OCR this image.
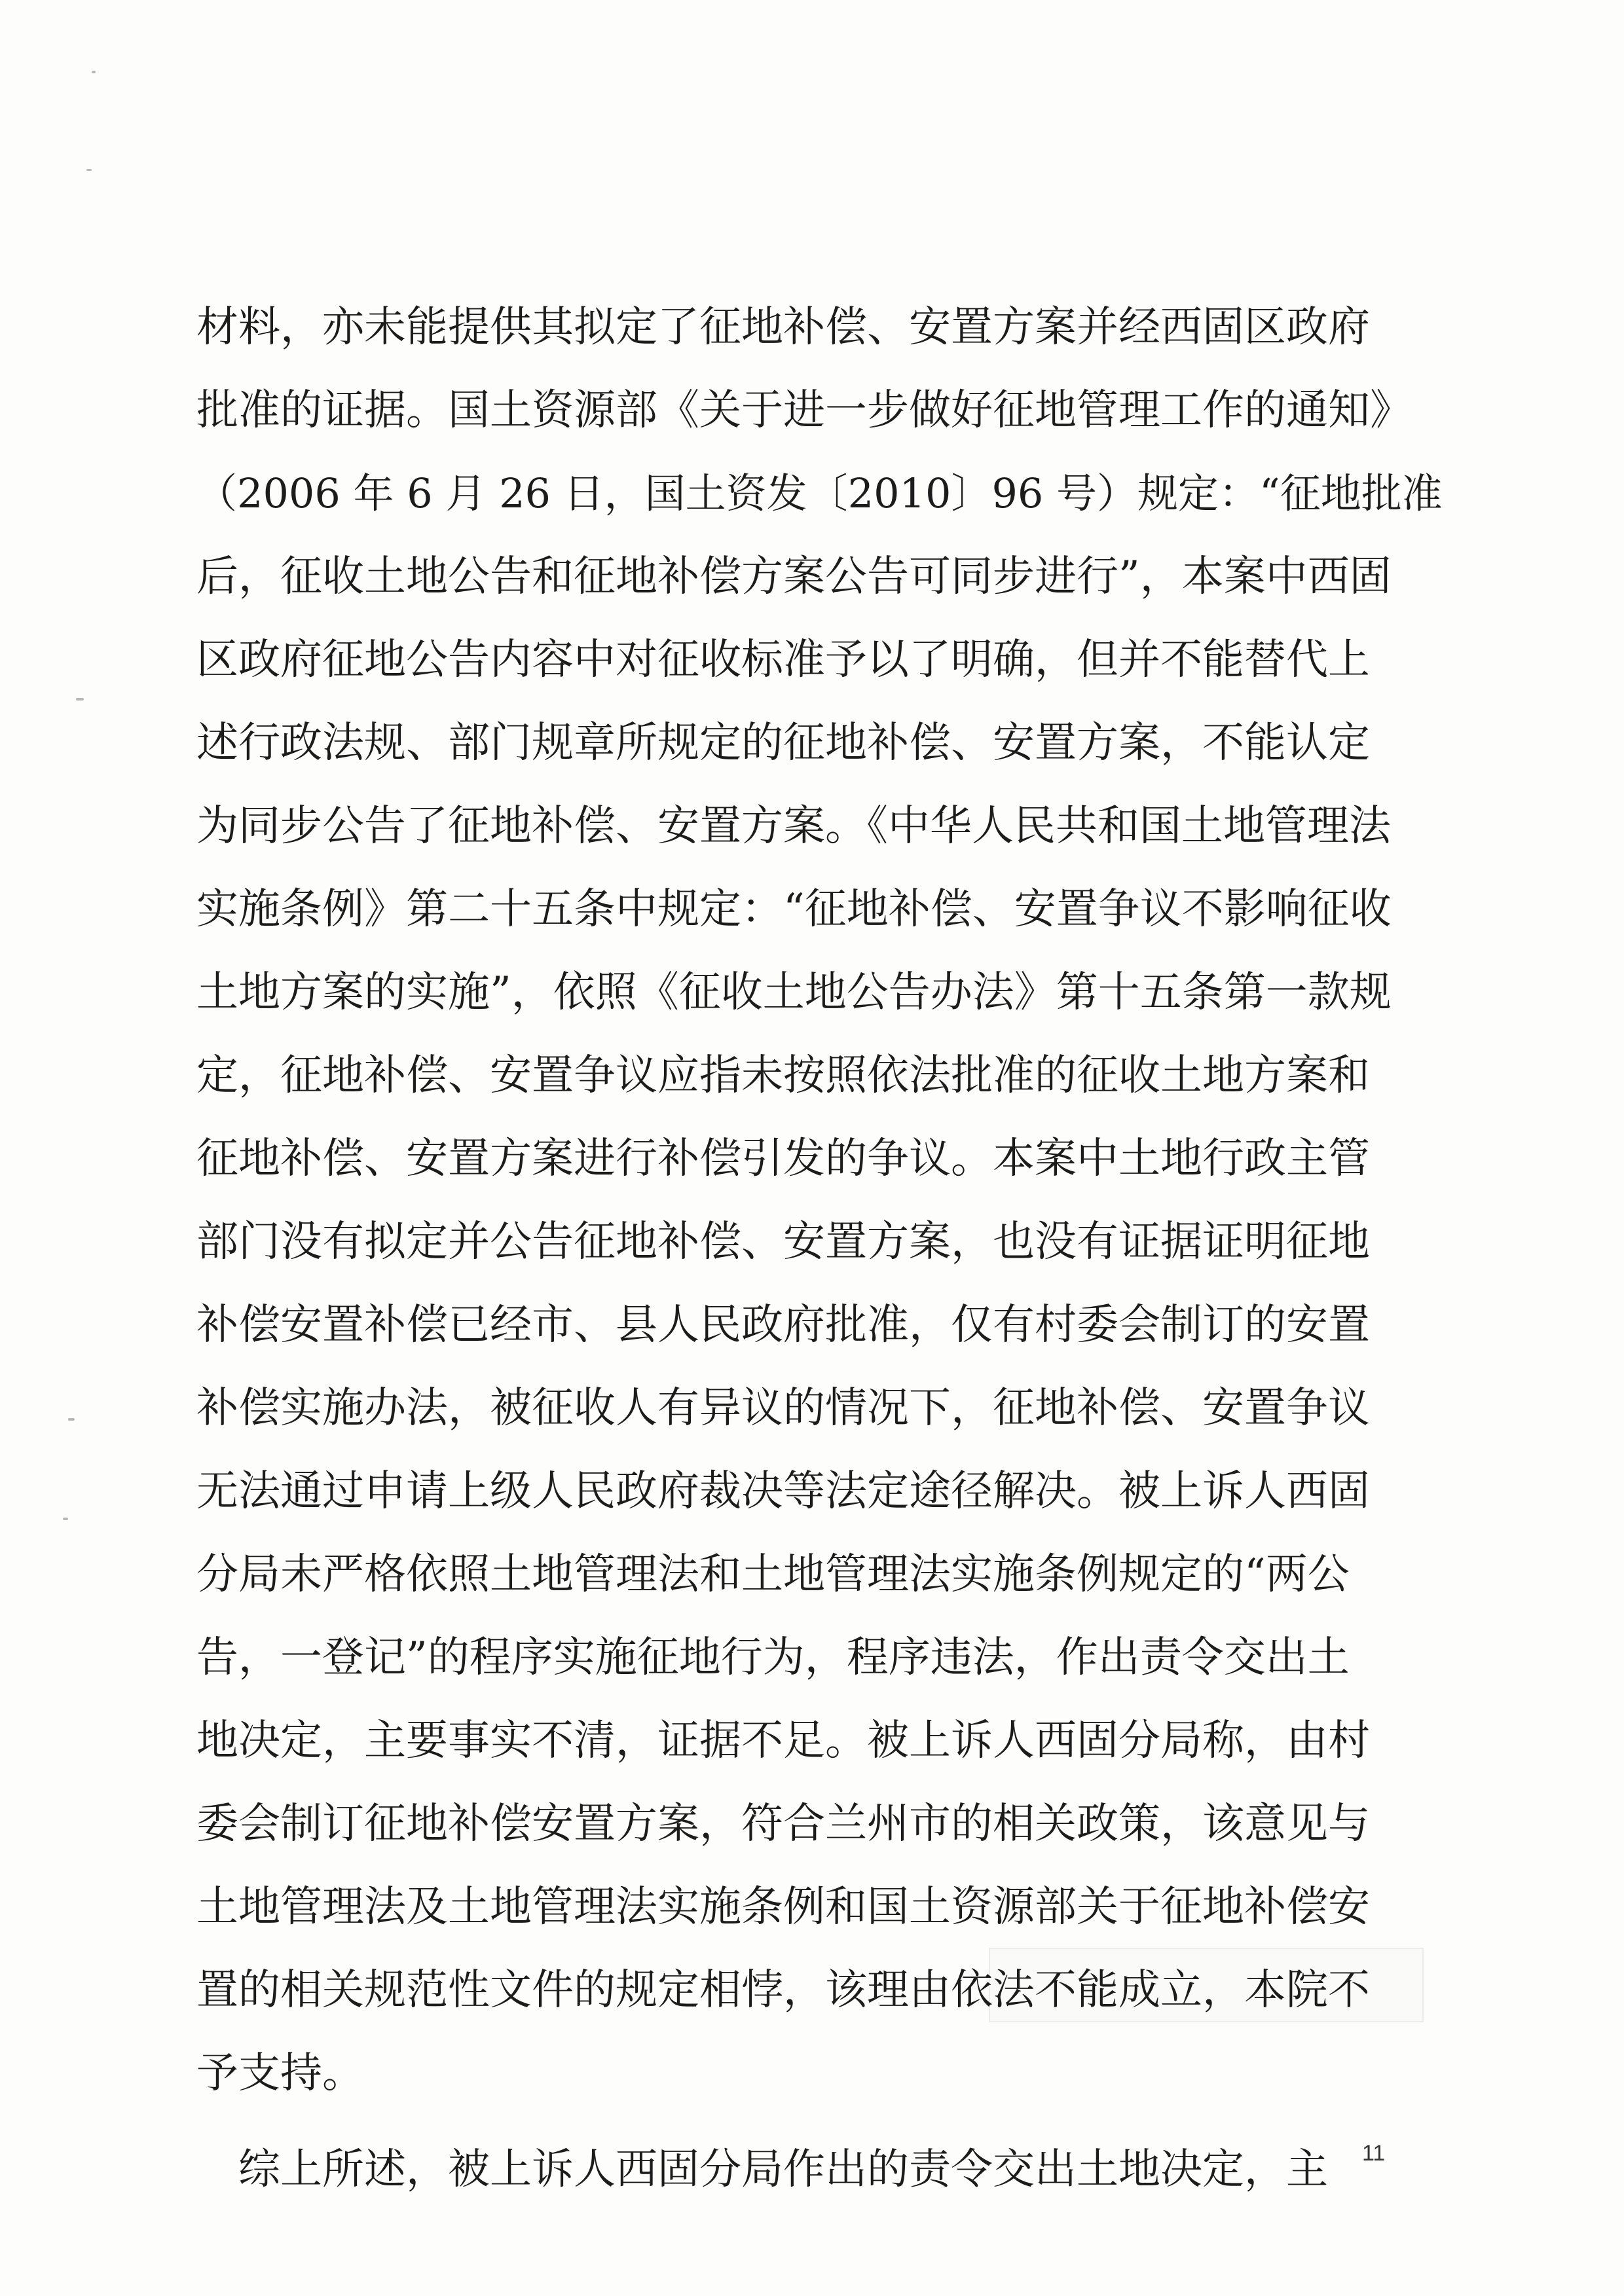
材料，亦未能提供其拟定了征地补偿、安置方案并经西固区政府
批准的证据。国土资源部《关于进一步做好征地管理工作的通知》
（2006 年 6 月 26 日，国土资发〔2010〕96 号）规定：“征地批准
后，征收土地公告和征地补偿方案公告可同步进行”，本案中西固
区政府征地公告内容中对征收标准予以了明确，但并不能替代上
述行政法规、部门规章所规定的征地补偿、安置方案，不能认定
为同步公告了征地补偿、安置方案。《中华人民共和国土地管理法
实施条例》第二十五条中规定：“征地补偿、安置争议不影响征收
土地方案的实施”，依照《征收土地公告办法》第十五条第一款规
定，征地补偿、安置争议应指未按照依法批准的征收土地方案和
征地补偿、安置方案进行补偿引发的争议。本案中土地行政主管
部门没有拟定并公告征地补偿、安置方案，也没有证据证明征地
补偿安置补偿已经市、县人民政府批准，仅有村委会制订的安置
补偿实施办法，被征收人有异议的情况下，征地补偿、安置争议
无法通过申请上级人民政府裁决等法定途径解决。被上诉人西固
分局未严格依照土地管理法和土地管理法实施条例规定的“两公
告，一登记”的程序实施征地行为，程序违法，作出责令交出土
地决定，主要事实不清，证据不足。被上诉人西固分局称，由村
委会制订征地补偿安置方案，符合兰州市的相关政策，该意见与
土地管理法及土地管理法实施条例和国土资源部关于征地补偿安
置的相关规范性文件的规定相悖，该理由依法不能成立，本院不
予支持。
综上所述，被上诉人西固分局作出的责令交出土地决定，主 11
